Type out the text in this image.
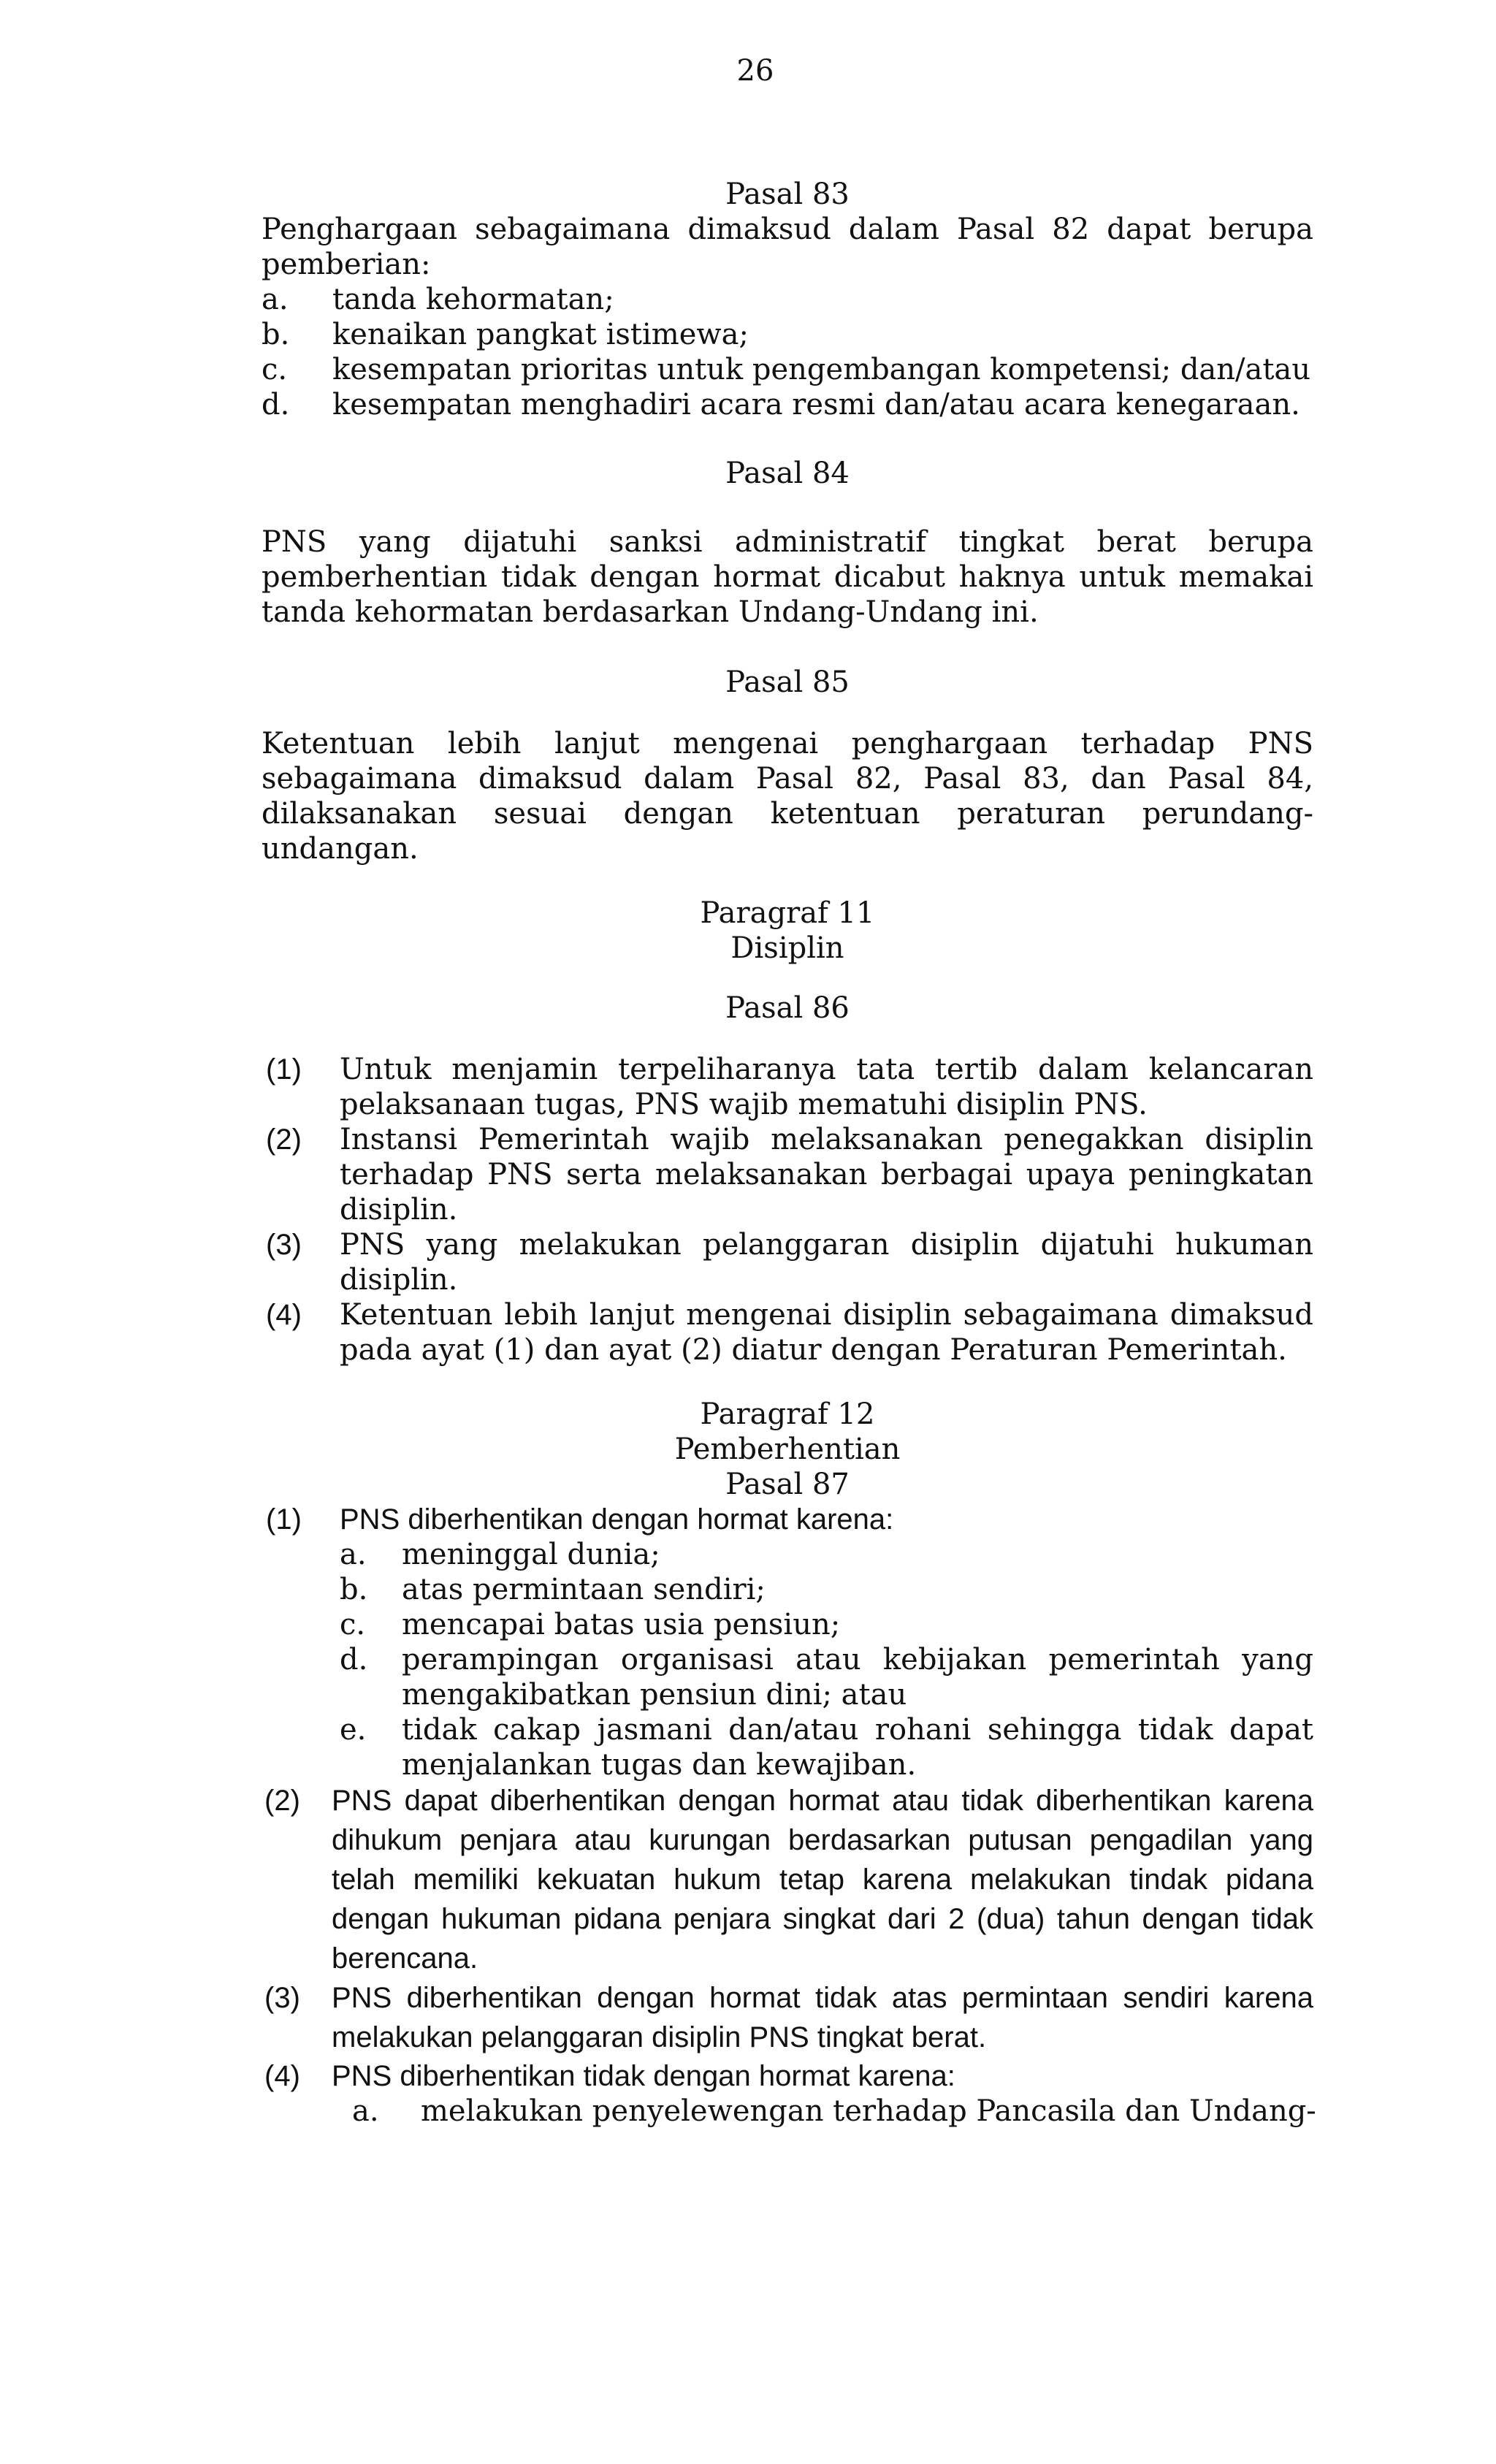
26
Pasal 83
Penghargaan sebagaimana dimaksud dalam Pasal 82 dapat berupa pemberian:
a. tanda kehormatan;
b. kenaikan pangkat istimewa;
c. kesempatan prioritas untuk pengembangan kompetensi; dan/atau
d. kesempatan menghadiri acara resmi dan/atau acara kenegaraan.
Pasal 84
PNS yang dijatuhi sanksi administratif tingkat berat berupa pemberhentian tidak dengan hormat dicabut haknya untuk memakai tanda kehormatan berdasarkan Undang-Undang ini.
Pasal 85
Ketentuan lebih lanjut mengenai penghargaan terhadap PNS sebagaimana dimaksud dalam Pasal 82, Pasal 83, dan Pasal 84, dilaksanakan sesuai dengan ketentuan peraturan perundang-undangan.
Paragraf 11
Disiplin
Pasal 86
(1) Untuk menjamin terpeliharanya tata tertib dalam kelancaran pelaksanaan tugas, PNS wajib mematuhi disiplin PNS.
(2) Instansi Pemerintah wajib melaksanakan penegakkan disiplin terhadap PNS serta melaksanakan berbagai upaya peningkatan disiplin.
(3) PNS yang melakukan pelanggaran disiplin dijatuhi hukuman disiplin.
(4) Ketentuan lebih lanjut mengenai disiplin sebagaimana dimaksud pada ayat (1) dan ayat (2) diatur dengan Peraturan Pemerintah.
Paragraf 12
Pemberhentian
Pasal 87
(1) PNS diberhentikan dengan hormat karena:
a. meninggal dunia;
b. atas permintaan sendiri;
c. mencapai batas usia pensiun;
d. perampingan organisasi atau kebijakan pemerintah yang mengakibatkan pensiun dini; atau
e. tidak cakap jasmani dan/atau rohani sehingga tidak dapat menjalankan tugas dan kewajiban.
(2) PNS dapat diberhentikan dengan hormat atau tidak diberhentikan karena dihukum penjara atau kurungan berdasarkan putusan pengadilan yang telah memiliki kekuatan hukum tetap karena melakukan tindak pidana dengan hukuman pidana penjara singkat dari 2 (dua) tahun dengan tidak berencana.
(3) PNS diberhentikan dengan hormat tidak atas permintaan sendiri karena melakukan pelanggaran disiplin PNS tingkat berat.
(4) PNS diberhentikan tidak dengan hormat karena:
a. melakukan penyelewengan terhadap Pancasila dan Undang-
